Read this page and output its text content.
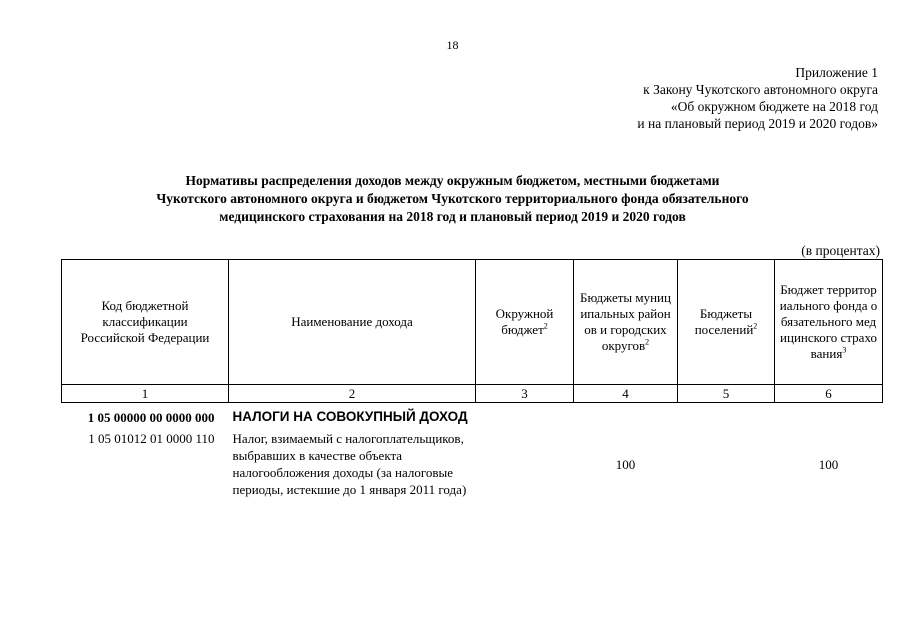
18
Приложение 1
к Закону Чукотского автономного округа
«Об окружном бюджете на 2018 год
и на плановый период 2019 и 2020 годов»
Нормативы распределения доходов между окружным бюджетом, местными бюджетами
Чукотского автономного округа и бюджетом Чукотского территориального фонда обязательного
медицинского страхования на 2018 год и плановый период 2019 и 2020 годов
(в процентах)
Код бюджетной классификации Российской Федерации	Наименование дохода	Окружной бюджет$^2$	Бюджеты муниципальных районов и городских округов$^2$	Бюджеты поселений$^2$	Бюджет территориального фонда обязательного медицинского страхования$^3$
1	2	3	4	5	6
1 05 00000 00 0000 000	НАЛОГИ НА СОВОКУПНЫЙ ДОХОД				
1 05 01012 01 0000 110	Налог, взимаемый с налогоплательщиков, выбравших в качестве объекта налогообложения доходы (за налоговые периоды, истекшие до 1 января 2011 года)		100		100
